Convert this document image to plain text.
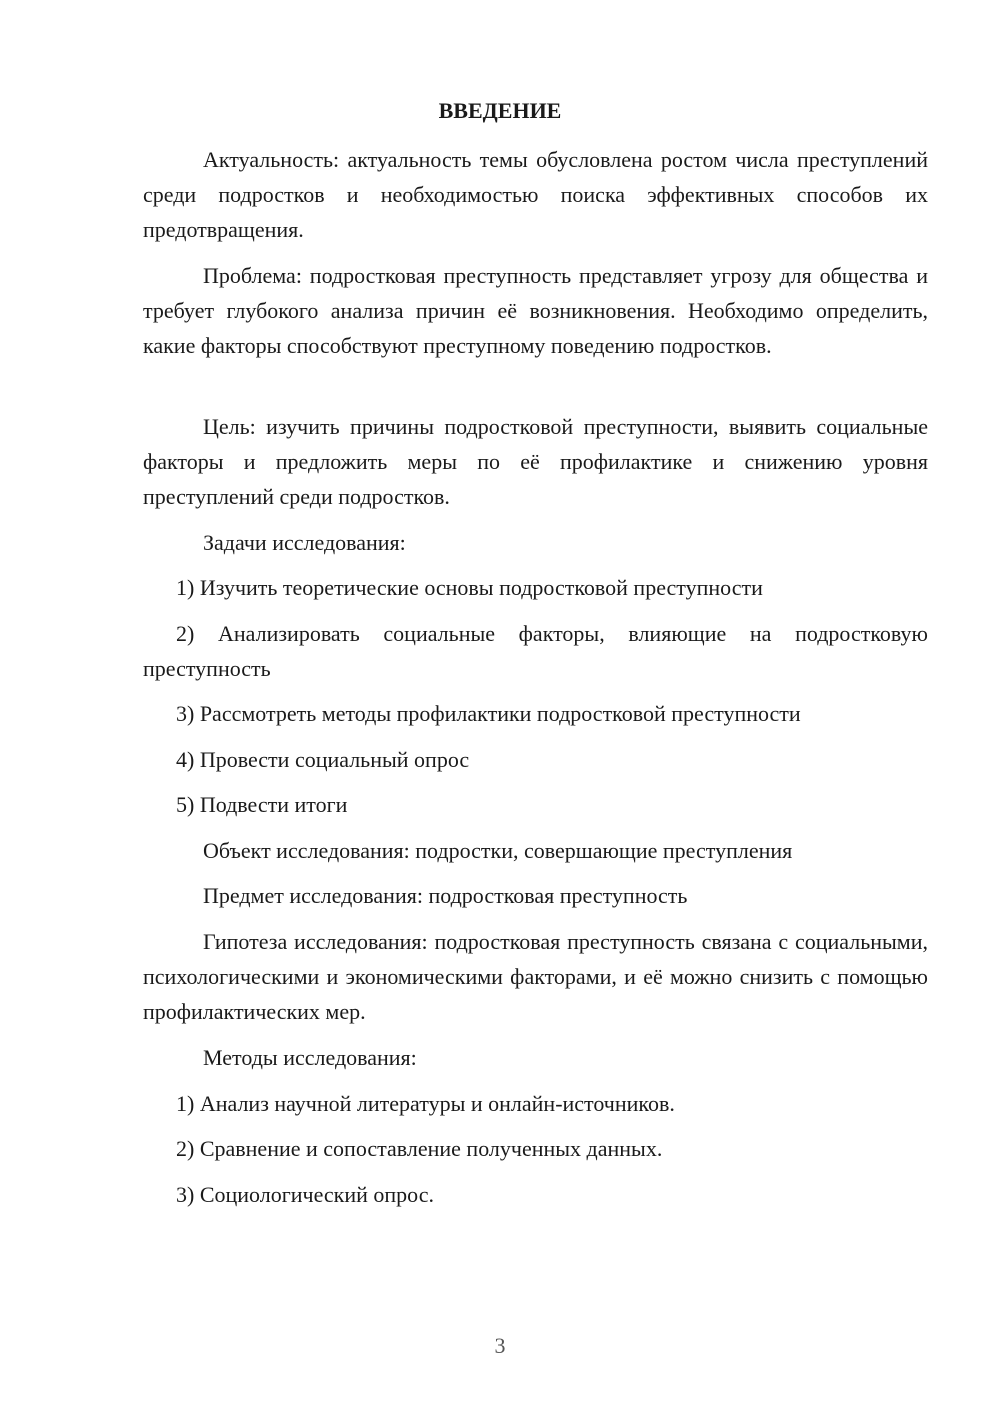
ВВЕДЕНИЕ

Актуальность: актуальность темы обусловлена ростом числа преступлений среди подростков и необходимостью поиска эффективных способов их предотвращения.

Проблема: подростковая преступность представляет угрозу для общества и требует глубокого анализа причин её возникновения. Необходимо определить, какие факторы способствуют преступному поведению подростков.

Цель: изучить причины подростковой преступности, выявить социальные факторы и предложить меры по её профилактике и снижению уровня преступлений среди подростков.

Задачи исследования:

1) Изучить теоретические основы подростковой преступности

2) Анализировать социальные факторы, влияющие на подростковую преступность

3) Рассмотреть методы профилактики подростковой преступности

4) Провести социальный опрос

5) Подвести итоги

Объект исследования: подростки, совершающие преступления

Предмет исследования: подростковая преступность

Гипотеза исследования: подростковая преступность связана с социальными, психологическими и экономическими факторами, и её можно снизить с помощью профилактических мер.

Методы исследования:

1) Анализ научной литературы и онлайн-источников.

2) Сравнение и сопоставление полученных данных.

3) Социологический опрос.

3
